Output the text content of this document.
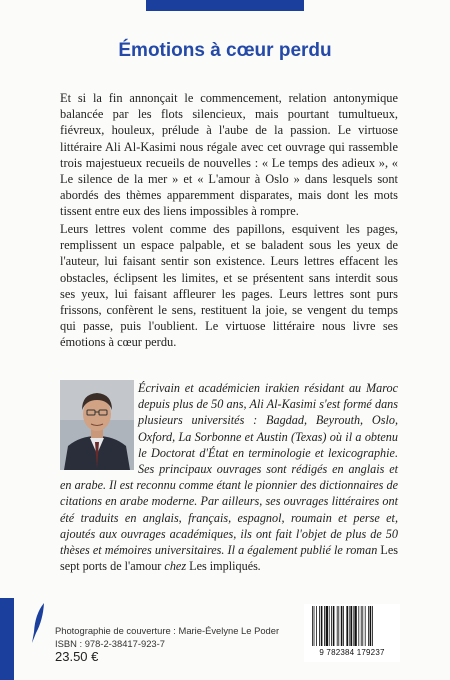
Émotions à cœur perdu

Et si la fin annonçait le commencement, relation antonymique balancée par les flots silencieux, mais pourtant tumultueux, fiévreux, houleux, prélude à l'aube de la passion. Le virtuose littéraire Ali Al-Kasimi nous régale avec cet ouvrage qui rassemble trois majestueux recueils de nouvelles : « Le temps des adieux », « Le silence de la mer » et « L'amour à Oslo » dans lesquels sont abordés des thèmes apparemment disparates, mais dont les mots tissent entre eux des liens impossibles à rompre.

Leurs lettres volent comme des papillons, esquivent les pages, remplissent un espace palpable, et se baladent sous les yeux de l'auteur, lui faisant sentir son existence. Leurs lettres effacent les obstacles, éclipsent les limites, et se présentent sans interdit sous ses yeux, lui faisant affleurer les pages. Leurs lettres sont purs frissons, confèrent le sens, restituent la joie, se vengent du temps qui passe, puis l'oublient. Le virtuose littéraire nous livre ses émotions à cœur perdu.

Écrivain et académicien irakien résidant au Maroc depuis plus de 50 ans, Ali Al-Kasimi s'est formé dans plusieurs universités : Bagdad, Beyrouth, Oslo, Oxford, La Sorbonne et Austin (Texas) où il a obtenu le Doctorat d'État en terminologie et lexicographie. Ses principaux ouvrages sont rédigés en anglais et en arabe. Il est reconnu comme étant le pionnier des dictionnaires de citations en arabe moderne. Par ailleurs, ses ouvrages littéraires ont été traduits en anglais, français, espagnol, roumain et perse et, ajoutés aux ouvrages académiques, ils ont fait l'objet de plus de 50 thèses et mémoires universitaires. Il a également publié le roman Les sept ports de l'amour chez Les impliqués.

Photographie de couverture : Marie-Évelyne Le Poder
ISBN : 978-2-38417-923-7
23.50 €	9 782384 179237
